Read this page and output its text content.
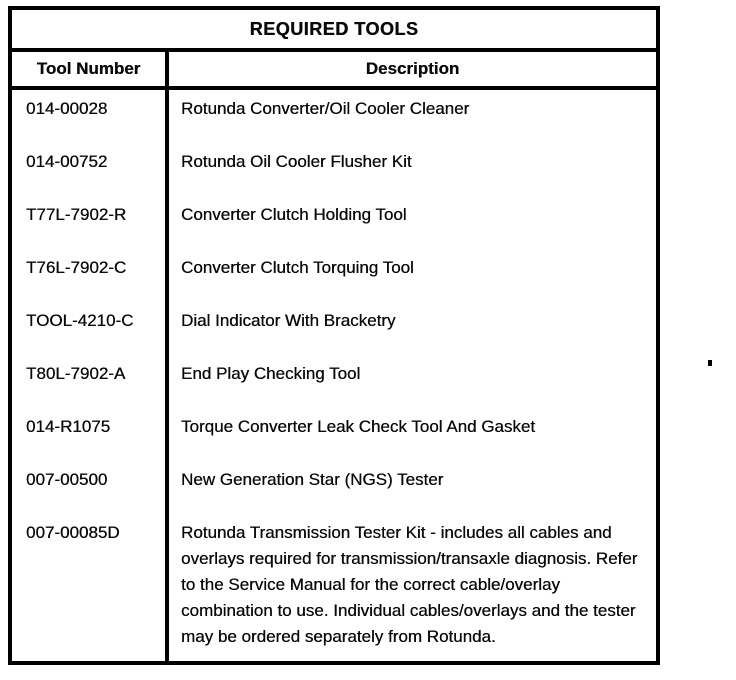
REQUIRED TOOLS
Tool Number	Description
014-00028	Rotunda Converter/Oil Cooler Cleaner
014-00752	Rotunda Oil Cooler Flusher Kit
T77L-7902-R	Converter Clutch Holding Tool
T76L-7902-C	Converter Clutch Torquing Tool
TOOL-4210-C	Dial Indicator With Bracketry
T80L-7902-A	End Play Checking Tool
014-R1075	Torque Converter Leak Check Tool And Gasket
007-00500	New Generation Star (NGS) Tester
007-00085D	Rotunda Transmission Tester Kit - includes all cables and overlays required for transmission/transaxle diagnosis. Refer to the Service Manual for the correct cable/overlay combination to use. Individual cables/overlays and the tester may be ordered separately from Rotunda.
